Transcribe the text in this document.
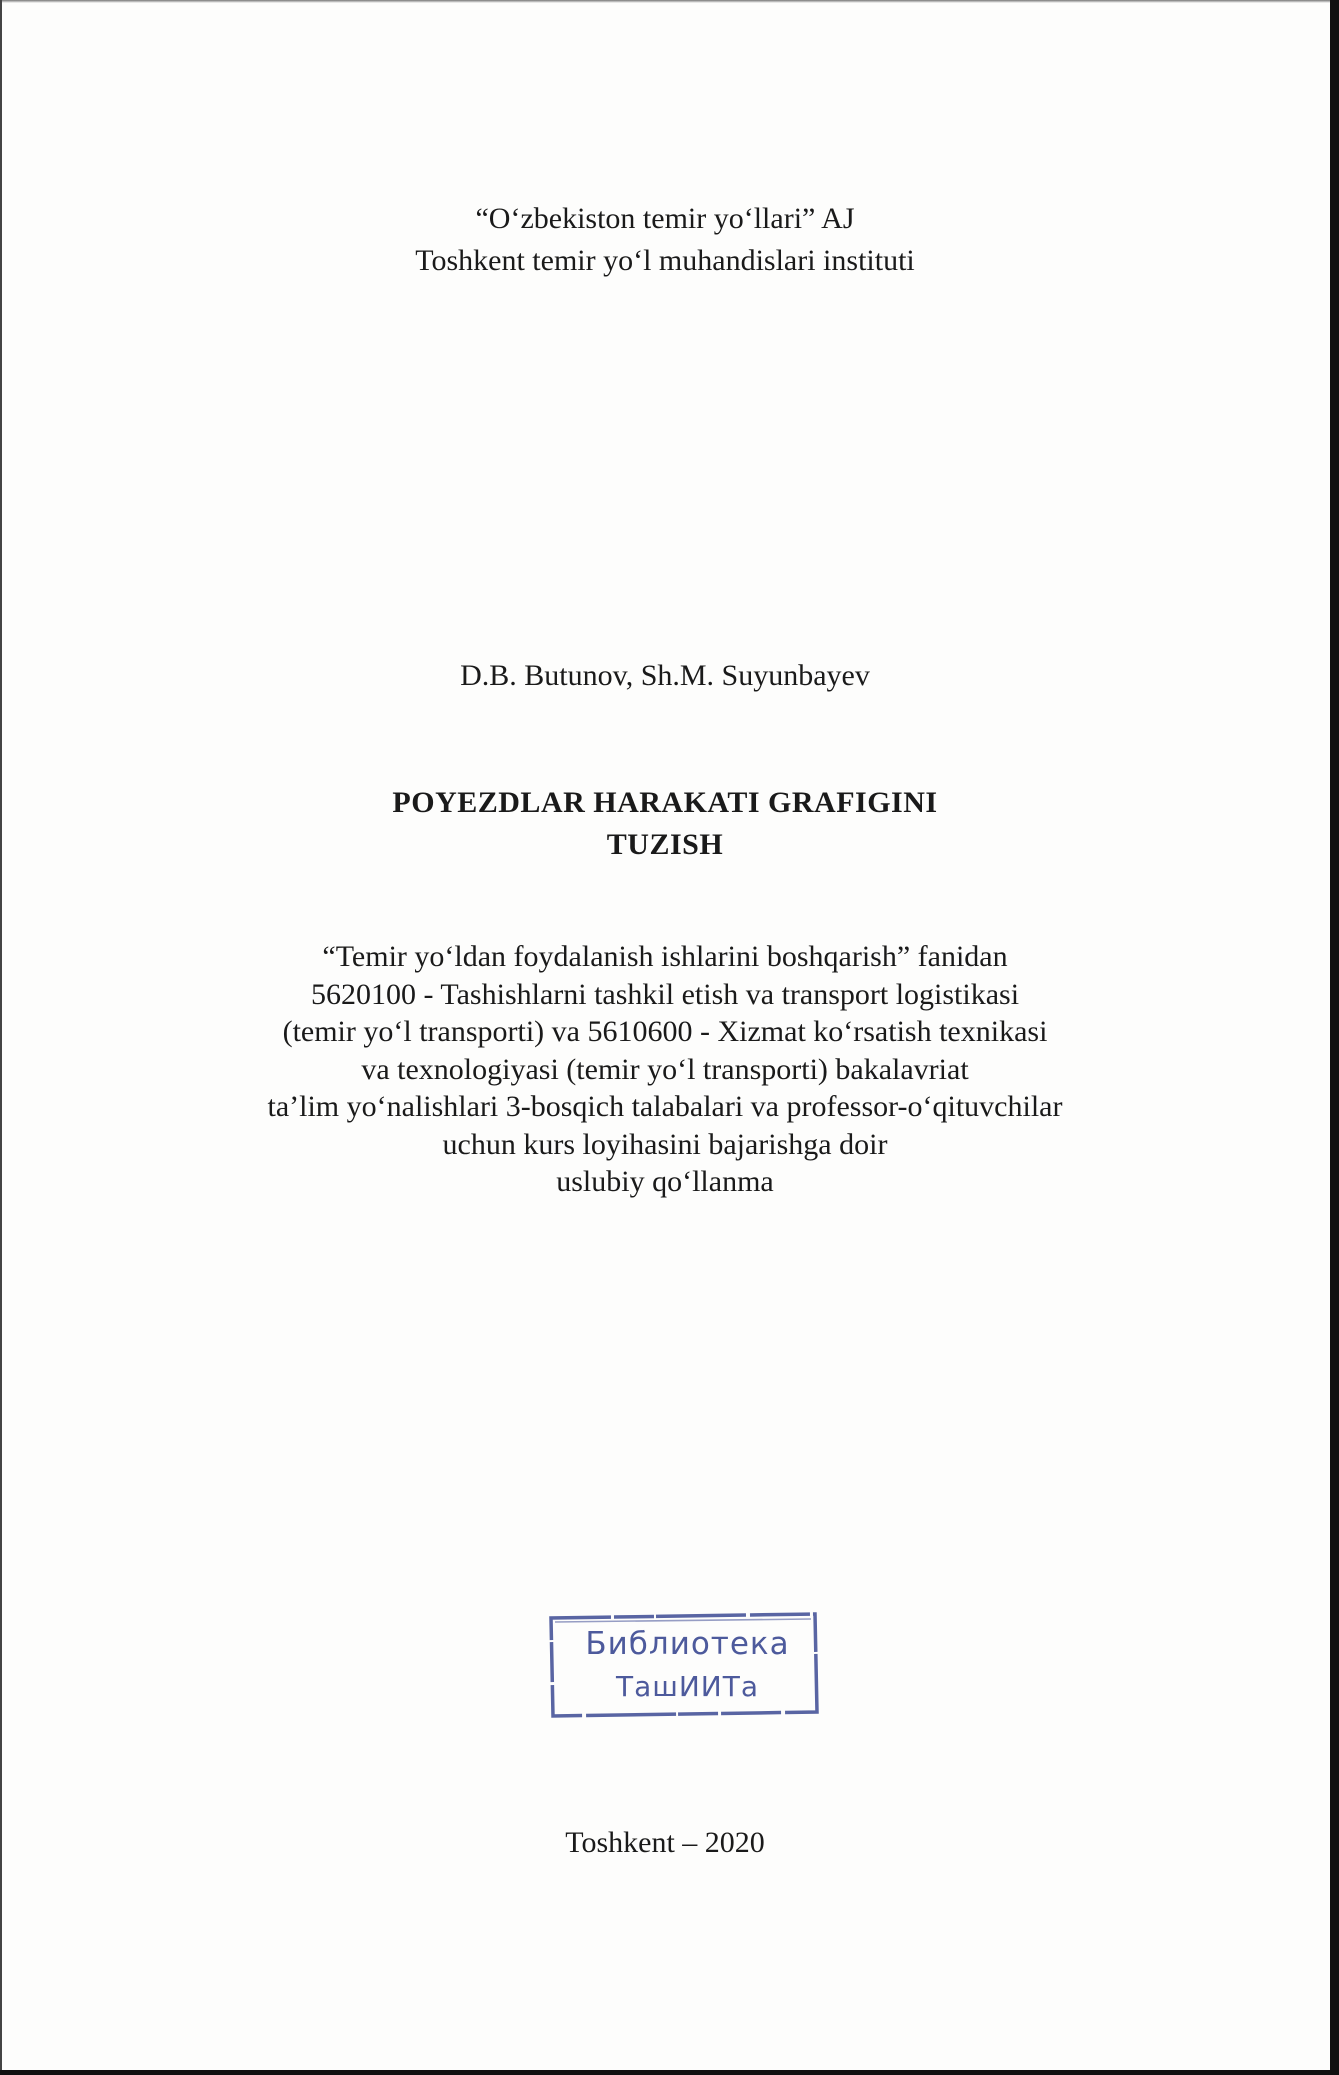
“O‘zbekiston temir yo‘llari” AJ
Toshkent temir yo‘l muhandislari instituti
D.B. Butunov, Sh.M. Suyunbayev
POYEZDLAR HARAKATI GRAFIGINI
TUZISH
“Temir yo‘ldan foydalanish ishlarini boshqarish” fanidan
5620100 - Tashishlarni tashkil etish va transport logistikasi
(temir yo‘l transporti) va 5610600 - Xizmat ko‘rsatish texnikasi
va texnologiyasi (temir yo‘l transporti) bakalavriat
ta’lim yo‘nalishlari 3-bosqich talabalari va professor-o‘qituvchilar
uchun kurs loyihasini bajarishga doir
uslubiy qo‘llanma
Библиотека
ТашИИТа
Toshkent – 2020
